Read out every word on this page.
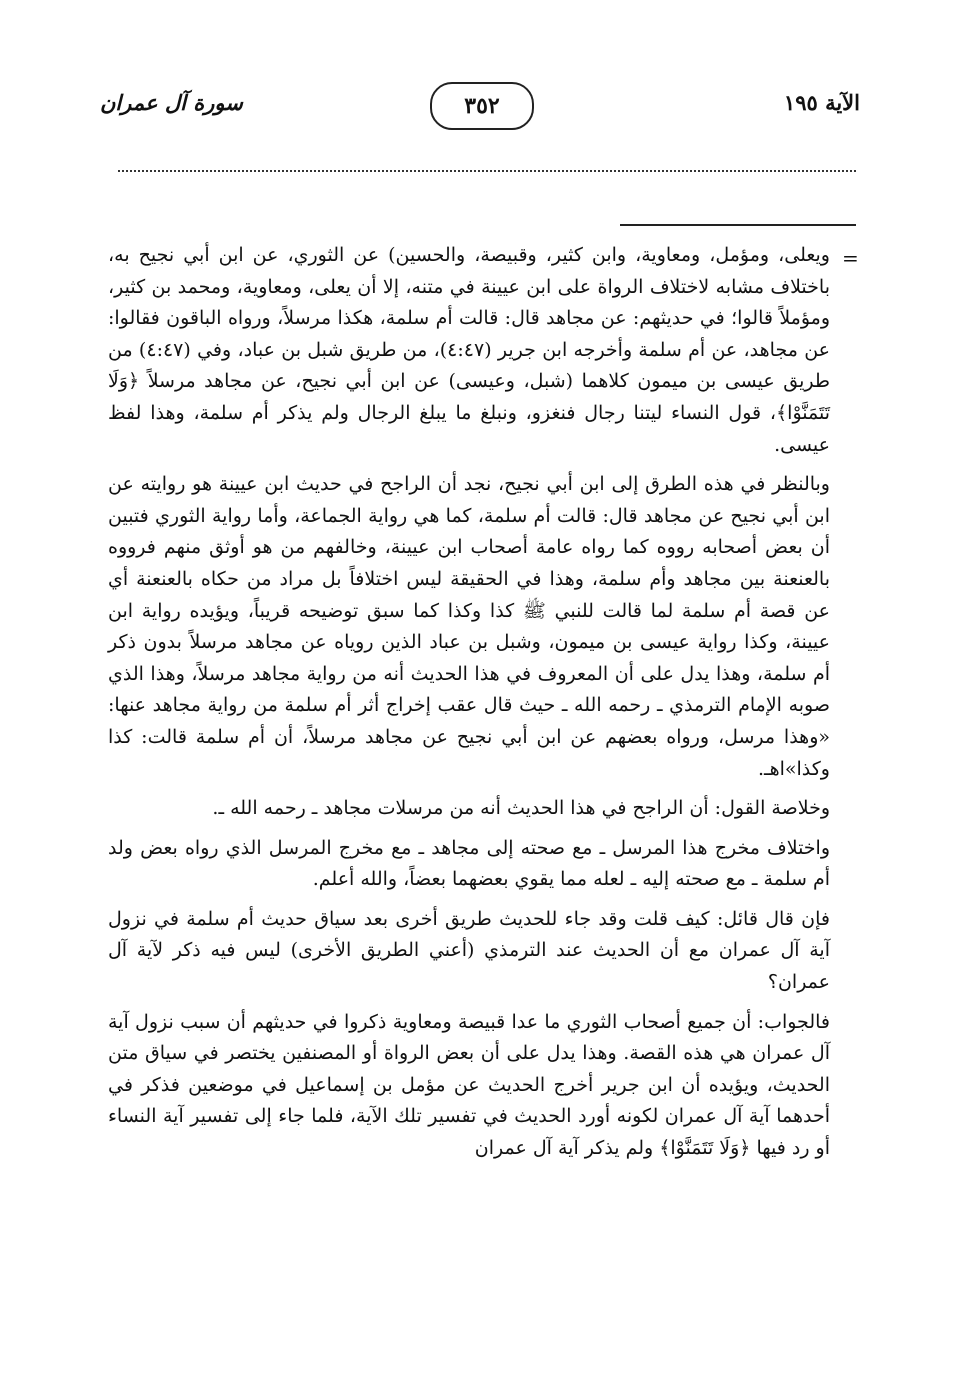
الآية ١٩٥
٣٥٢
سورة آل عمران
=

ويعلى، ومؤمل، ومعاوية، وابن كثير، وقبيصة، والحسين) عن الثوري، عن ابن أبي نجيح به، باختلاف مشابه لاختلاف الرواة على ابن عيينة في متنه، إلا أن يعلى، ومعاوية، ومحمد بن كثير، ومؤملاً قالوا؛ في حديثهم: عن مجاهد قال: قالت أم سلمة، هكذا مرسلاً، ورواه الباقون فقالوا: عن مجاهد، عن أم سلمة وأخرجه ابن جرير (٤:٤٧)، من طريق شبل بن عباد، وفي (٤:٤٧) من طريق عيسى بن ميمون كلاهما (شبل، وعيسى) عن ابن أبي نجيح، عن مجاهد مرسلاً ﴿وَلَا تَتَمَنَّوْا﴾، قول النساء ليتنا رجال فنغزو، ونبلغ ما يبلغ الرجال ولم يذكر أم سلمة، وهذا لفظ عيسى.

وبالنظر في هذه الطرق إلى ابن أبي نجيح، نجد أن الراجح في حديث ابن عيينة هو روايته عن ابن أبي نجيح عن مجاهد قال: قالت أم سلمة، كما هي رواية الجماعة، وأما رواية الثوري فتبين أن بعض أصحابه رووه كما رواه عامة أصحاب ابن عيينة، وخالفهم من هو أوثق منهم فرووه بالعنعنة بين مجاهد وأم سلمة، وهذا في الحقيقة ليس اختلافاً بل مراد من حكاه بالعنعنة أي عن قصة أم سلمة لما قالت للنبي ﷺ كذا وكذا كما سبق توضيحه قريباً، ويؤيده رواية ابن عيينة، وكذا رواية عيسى بن ميمون، وشبل بن عباد الذين روياه عن مجاهد مرسلاً بدون ذكر أم سلمة، وهذا يدل على أن المعروف في هذا الحديث أنه من رواية مجاهد مرسلاً، وهذا الذي صوبه الإمام الترمذي ـ رحمه الله ـ حيث قال عقب إخراج أثر أم سلمة من رواية مجاهد عنها: «وهذا مرسل، ورواه بعضهم عن ابن أبي نجيح عن مجاهد مرسلاً، أن أم سلمة قالت: كذا وكذا»اهـ.

وخلاصة القول: أن الراجح في هذا الحديث أنه من مرسلات مجاهد ـ رحمه الله ـ.

واختلاف مخرج هذا المرسل ـ مع صحته إلى مجاهد ـ مع مخرج المرسل الذي رواه بعض ولد أم سلمة ـ مع صحته إليه ـ لعله مما يقوي بعضهما بعضاً، والله أعلم.

فإن قال قائل: كيف قلت وقد جاء للحديث طريق أخرى بعد سياق حديث أم سلمة في نزول آية آل عمران مع أن الحديث عند الترمذي (أعني الطريق الأخرى) ليس فيه ذكر لآية آل عمران؟

فالجواب: أن جميع أصحاب الثوري ما عدا قبيصة ومعاوية ذكروا في حديثهم أن سبب نزول آية آل عمران هي هذه القصة. وهذا يدل على أن بعض الرواة أو المصنفين يختصر في سياق متن الحديث، ويؤيده أن ابن جرير أخرج الحديث عن مؤمل بن إسماعيل في موضعين فذكر في أحدهما آية آل عمران لكونه أورد الحديث في تفسير تلك الآية، فلما جاء إلى تفسير آية النساء أو رد فيها ﴿وَلَا تَتَمَنَّوْا﴾ ولم يذكر آية آل عمران
